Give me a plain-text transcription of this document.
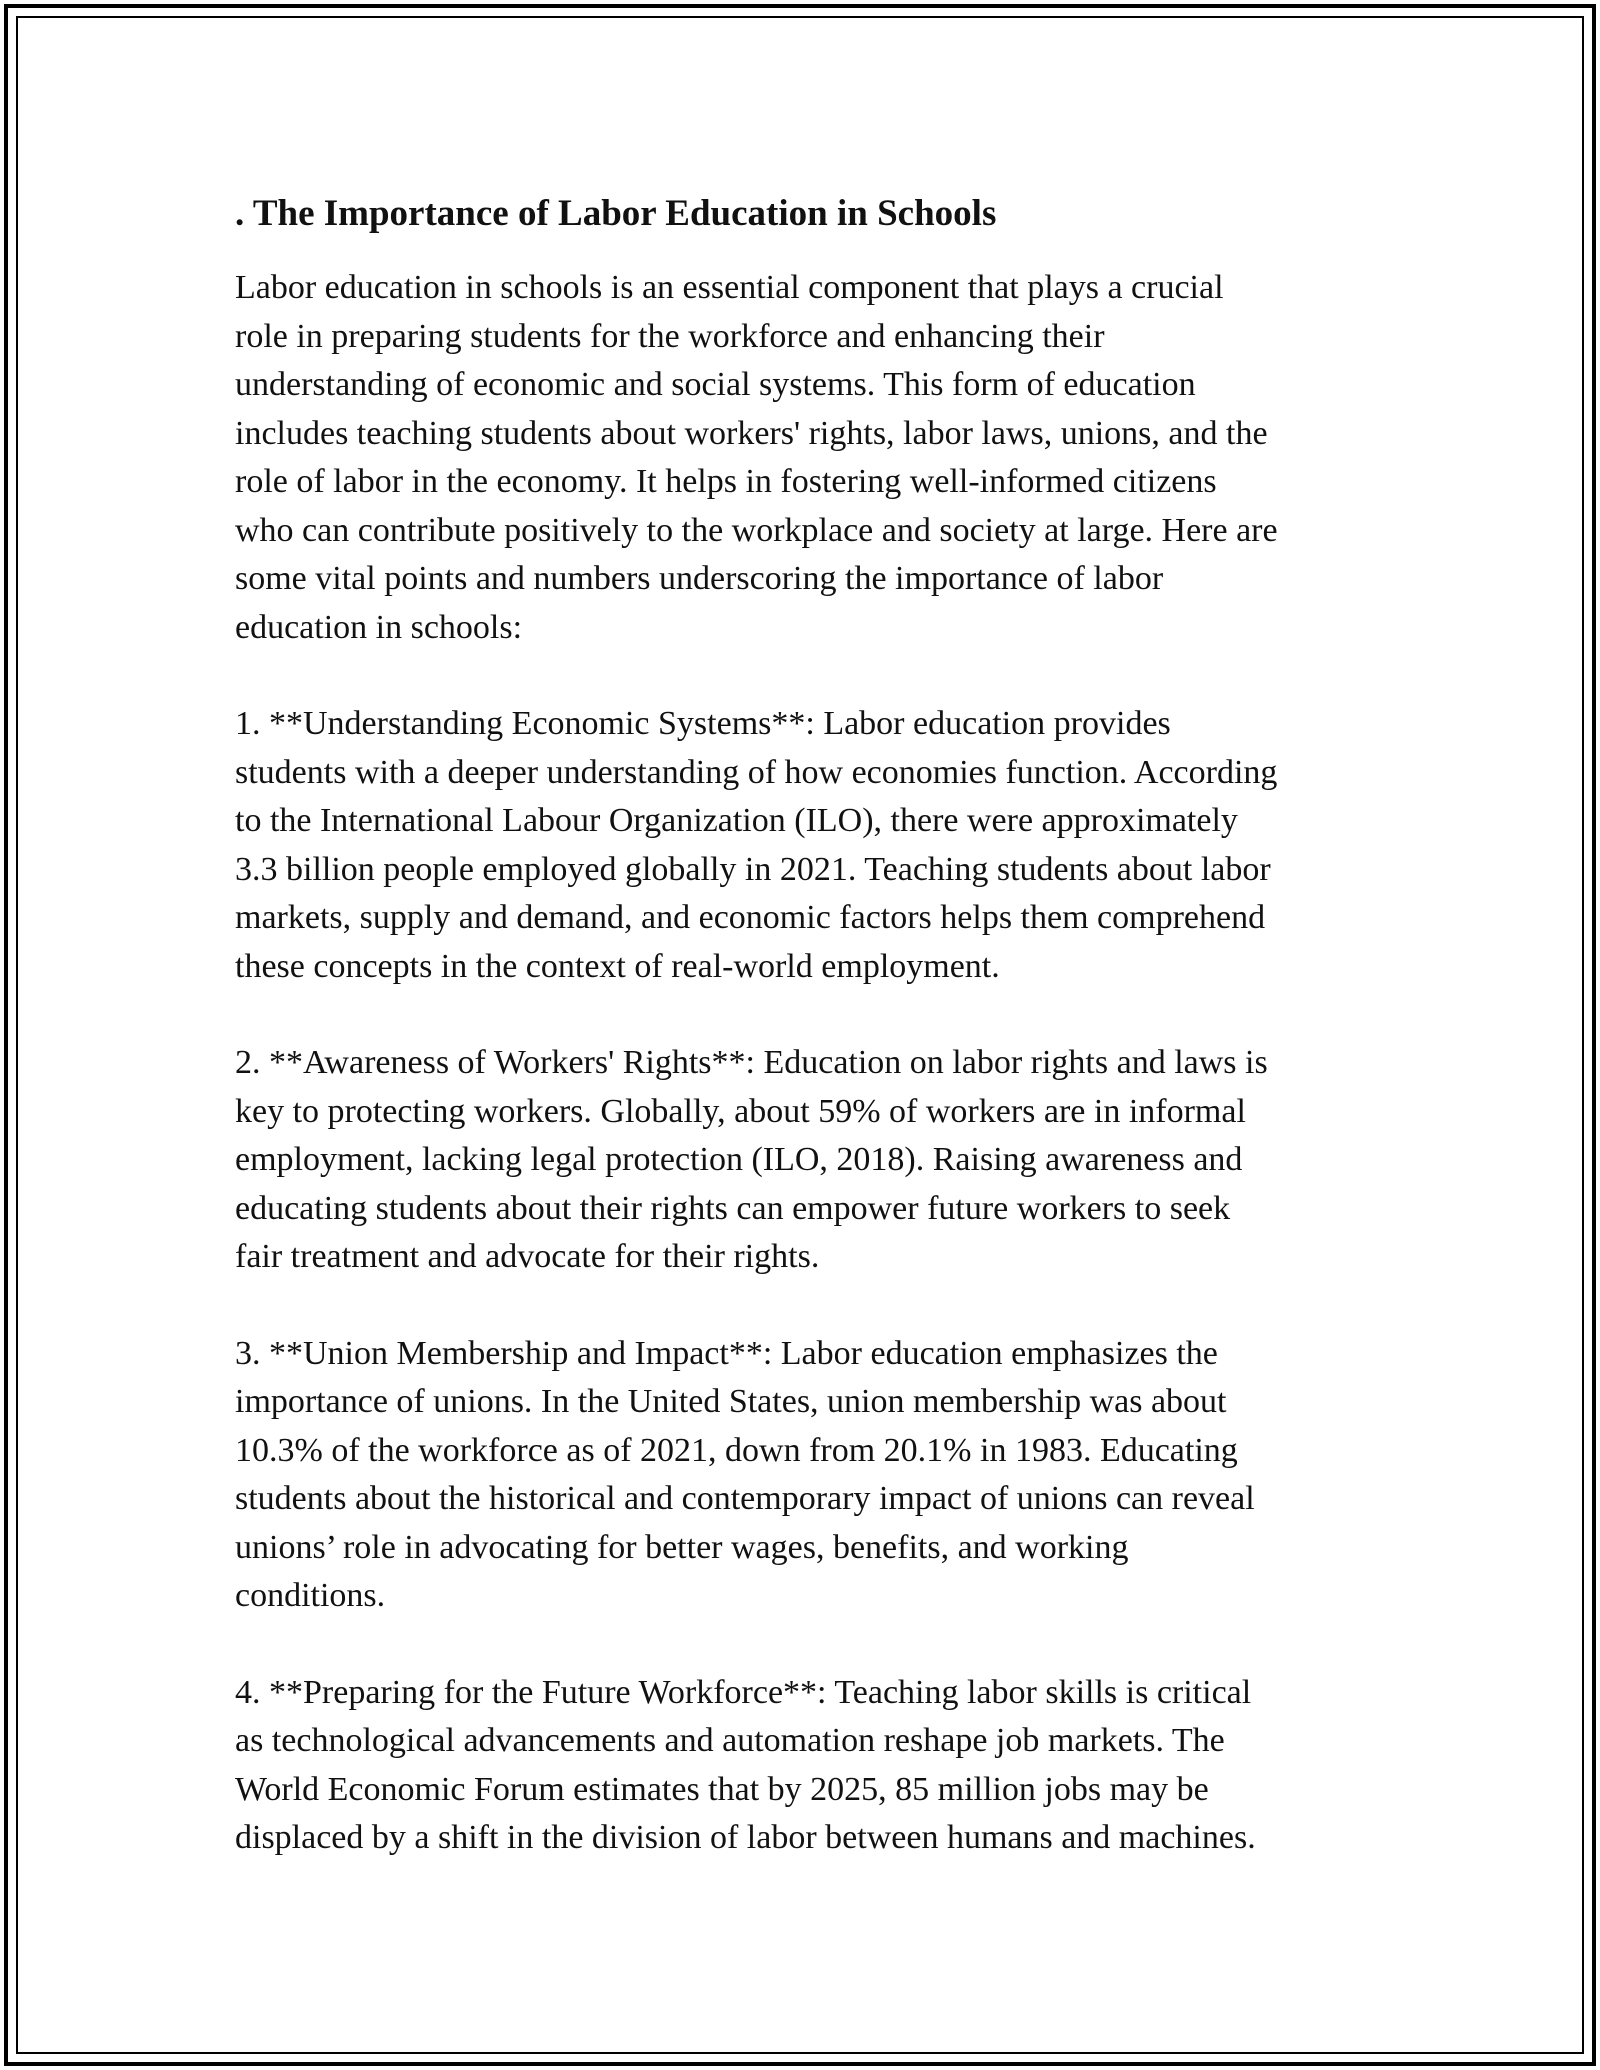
. The Importance of Labor Education in Schools

Labor education in schools is an essential component that plays a crucial
role in preparing students for the workforce and enhancing their
understanding of economic and social systems. This form of education
includes teaching students about workers' rights, labor laws, unions, and the
role of labor in the economy. It helps in fostering well-informed citizens
who can contribute positively to the workplace and society at large. Here are
some vital points and numbers underscoring the importance of labor
education in schools:

1. **Understanding Economic Systems**: Labor education provides
students with a deeper understanding of how economies function. According
to the International Labour Organization (ILO), there were approximately
3.3 billion people employed globally in 2021. Teaching students about labor
markets, supply and demand, and economic factors helps them comprehend
these concepts in the context of real-world employment.

2. **Awareness of Workers' Rights**: Education on labor rights and laws is
key to protecting workers. Globally, about 59% of workers are in informal
employment, lacking legal protection (ILO, 2018). Raising awareness and
educating students about their rights can empower future workers to seek
fair treatment and advocate for their rights.

3. **Union Membership and Impact**: Labor education emphasizes the
importance of unions. In the United States, union membership was about
10.3% of the workforce as of 2021, down from 20.1% in 1983. Educating
students about the historical and contemporary impact of unions can reveal
unions’ role in advocating for better wages, benefits, and working
conditions.

4. **Preparing for the Future Workforce**: Teaching labor skills is critical
as technological advancements and automation reshape job markets. The
World Economic Forum estimates that by 2025, 85 million jobs may be
displaced by a shift in the division of labor between humans and machines.
